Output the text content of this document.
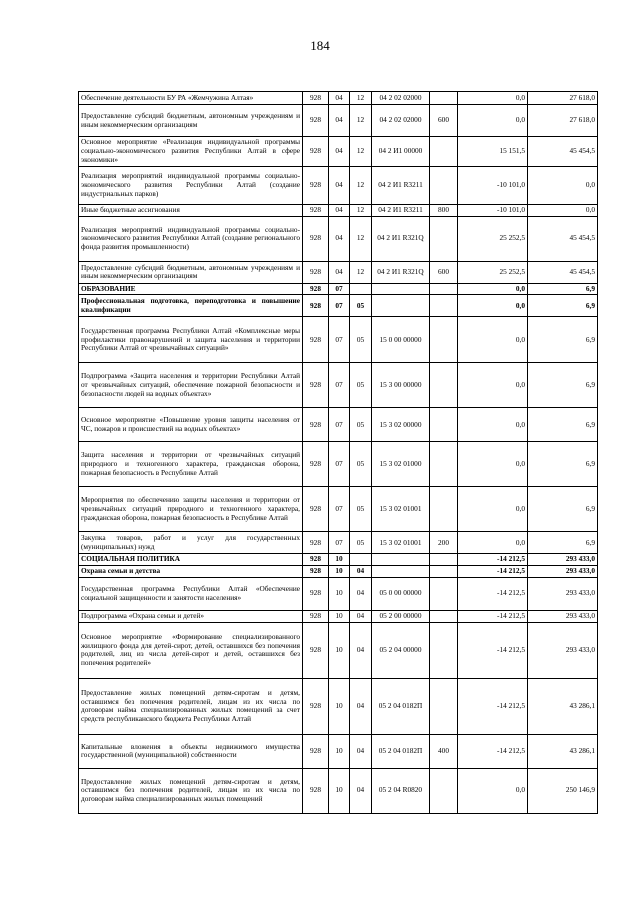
184
Обеспечение деятельности БУ РА «Жемчужина Алтая»	928	04	12	04 2 02 02000		0,0	27 618,0
Предоставление субсидий бюджетным, автономным учреждениям и иным некоммерческим организациям	928	04	12	04 2 02 02000	600	0,0	27 618,0
Основное мероприятие «Реализация индивидуальной программы социально-экономического развития Республики Алтай в сфере экономики»	928	04	12	04 2 И1 00000		15 151,5	45 454,5
Реализация мероприятий индивидуальной программы социально-экономического развития Республики Алтай (создание индустриальных парков)	928	04	12	04 2 И1 R3211		-10 101,0	0,0
Иные бюджетные ассигнования	928	04	12	04 2 И1 R3211	800	-10 101,0	0,0
Реализация мероприятий индивидуальной программы социально-экономического развития Республики Алтай (создание регионального фонда развития промышленности)	928	04	12	04 2 И1 R321Q		25 252,5	45 454,5
Предоставление субсидий бюджетным, автономным учреждениям и иным некоммерческим организациям	928	04	12	04 2 И1 R321Q	600	25 252,5	45 454,5
ОБРАЗОВАНИЕ	928	07				0,0	6,9
Профессиональная подготовка, переподготовка и повышение квалификации	928	07	05			0,0	6,9
Государственная программа Республики Алтай «Комплексные меры профилактики правонарушений и защита населения и территории Республики Алтай от чрезвычайных ситуаций»	928	07	05	15 0 00 00000		0,0	6,9
Подпрограмма «Защита населения и территории Республики Алтай от чрезвычайных ситуаций, обеспечение пожарной безопасности и безопасности людей на водных объектах»	928	07	05	15 3 00 00000		0,0	6,9
Основное мероприятие «Повышение уровня защиты населения от ЧС, пожаров и происшествий на водных объектах»	928	07	05	15 3 02 00000		0,0	6,9
Защита населения и территории от чрезвычайных ситуаций природного и техногенного характера, гражданская оборона, пожарная безопасность в Республике Алтай	928	07	05	15 3 02 01000		0,0	6,9
Мероприятия по обеспечению защиты населения и территории от чрезвычайных ситуаций природного и техногенного характера, гражданская оборона, пожарная безопасность в Республике Алтай	928	07	05	15 3 02 01001		0,0	6,9
Закупка товаров, работ и услуг для государственных (муниципальных) нужд	928	07	05	15 3 02 01001	200	0,0	6,9
СОЦИАЛЬНАЯ ПОЛИТИКА	928	10				-14 212,5	293 433,0
Охрана семьи и детства	928	10	04			-14 212,5	293 433,0
Государственная программа Республики Алтай «Обеспечение социальной защищенности и занятости населения»	928	10	04	05 0 00 00000		-14 212,5	293 433,0
Подпрограмма «Охрана семьи и детей»	928	10	04	05 2 00 00000		-14 212,5	293 433,0
Основное мероприятие «Формирование специализированного жилищного фонда для детей-сирот, детей, оставшихся без попечения родителей, лиц из числа детей-сирот и детей, оставшихся без попечения родителей»	928	10	04	05 2 04 00000		-14 212,5	293 433,0
Предоставление жилых помещений детям-сиротам и детям, оставшимся без попечения родителей, лицам из их числа по договорам найма специализированных жилых помещений за счет средств республиканского бюджета Республики Алтай	928	10	04	05 2 04 0182П		-14 212,5	43 286,1
Капитальные вложения в объекты недвижимого имущества государственной (муниципальной) собственности	928	10	04	05 2 04 0182П	400	-14 212,5	43 286,1
Предоставление жилых помещений детям-сиротам и детям, оставшимся без попечения родителей, лицам из их числа по договорам найма специализированных жилых помещений	928	10	04	05 2 04 R0820		0,0	250 146,9
